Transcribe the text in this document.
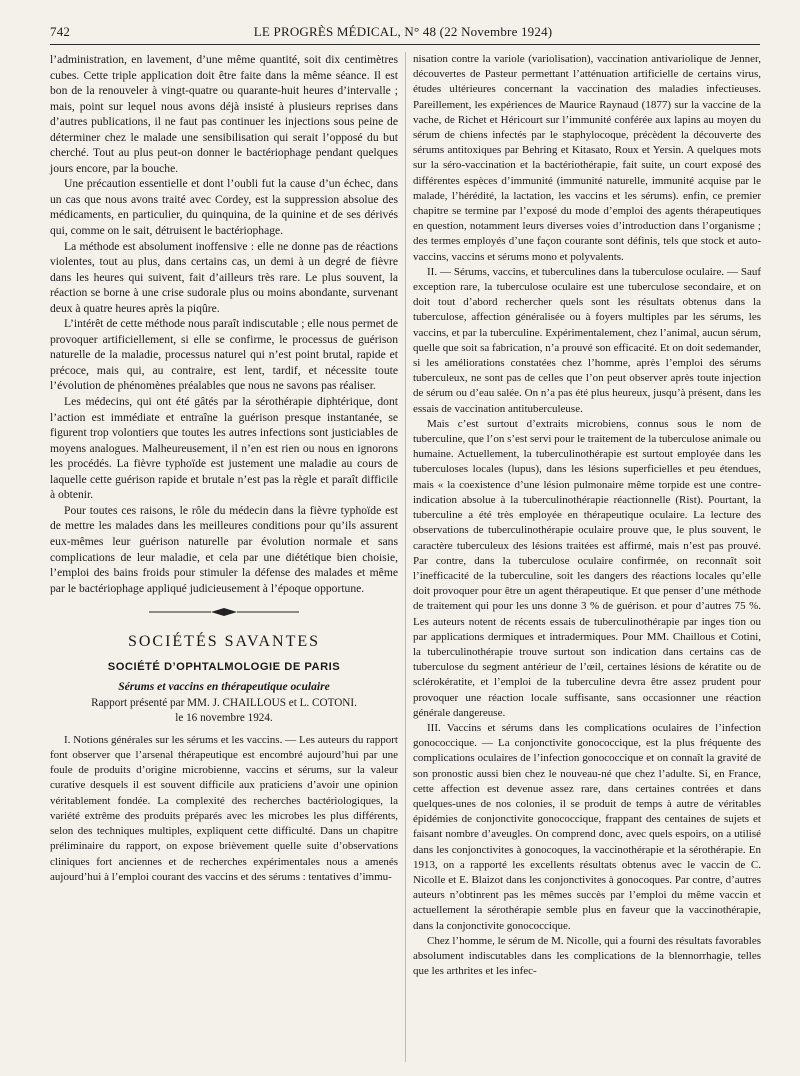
742	LE PROGRÈS MÉDICAL, N° 48 (22 Novembre 1924)

l’administration, en lavement, d’une même quantité, soit dix centimètres cubes. Cette triple application doit être faite dans la même séance. Il est bon de la renouveler à vingt-quatre ou quarante-huit heures d’intervalle ; mais, point sur lequel nous avons déjà insisté à plusieurs reprises dans d’autres publications, il ne faut pas continuer les injections sous peine de déterminer chez le malade une sensibilisation qui serait l’opposé du but cherché. Tout au plus peut-on donner le bactériophage pendant quelques jours encore, par la bouche.

Une précaution essentielle et dont l’oubli fut la cause d’un échec, dans un cas que nous avons traité avec Cordey, est la suppression absolue des médicaments, en particulier, du quinquina, de la quinine et de ses dérivés qui, comme on le sait, détruisent le bactériophage.

La méthode est absolument inoffensive : elle ne donne pas de réactions violentes, tout au plus, dans certains cas, un demi à un degré de fièvre dans les heures qui suivent, fait d’ailleurs très rare. Le plus souvent, la réaction se borne à une crise sudorale plus ou moins abondante, survenant deux à quatre heures après la piqûre.

L’intérêt de cette méthode nous paraît indiscutable ; elle nous permet de provoquer artificiellement, si elle se confirme, le processus de guérison naturelle de la maladie, processus naturel qui n’est point brutal, rapide et précoce, mais qui, au contraire, est lent, tardif, et nécessite toute l’évolution de phénomènes préalables que nous ne savons pas réaliser.

Les médecins, qui ont été gâtés par la sérothérapie diphtérique, dont l’action est immédiate et entraîne la guérison presque instantanée, se figurent trop volontiers que toutes les autres infections sont justiciables de moyens analogues. Malheureusement, il n’en est rien ou nous en ignorons les procédés. La fièvre typhoïde est justement une maladie au cours de laquelle cette guérison rapide et brutale n’est pas la règle et paraît difficile à obtenir.

Pour toutes ces raisons, le rôle du médecin dans la fièvre typhoïde est de mettre les malades dans les meilleures conditions pour qu’ils assurent eux-mêmes leur guérison naturelle par évolution normale et sans complications de leur maladie, et cela par une diététique bien choisie, l’emploi des bains froids pour stimuler la défense des malades et même par le bactériophage appliqué judicieusement à l’époque opportune.

SOCIÉTÉS SAVANTES
SOCIÉTÉ D’OPHTALMOLOGIE DE PARIS
Sérums et vaccins en thérapeutique oculaire
Rapport présenté par MM. J. CHAILLOUS et L. COTONI.
le 16 novembre 1924.

I. Notions générales sur les sérums et les vaccins. — Les auteurs du rapport font observer que l’arsenal thérapeutique est encombré aujourd’hui par une foule de produits d’origine microbienne, vaccins et sérums, sur la valeur curative desquels il est souvent difficile aux praticiens d’avoir une opinion véritablement fondée. La complexité des recherches bactériologiques, la variété extrême des produits préparés avec les microbes les plus différents, selon des techniques multiples, expliquent cette difficulté. Dans un chapitre préliminaire du rapport, on expose brièvement quelle suite d’observations cliniques fort anciennes et de recherches expérimentales nous a amenés aujourd’hui à l’emploi courant des vaccins et des sérums : tentatives d’immu-

nisation contre la variole (variolisation), vaccination antivariolique de Jenner, découvertes de Pasteur permettant l’atténuation artificielle de certains virus, études ultérieures concernant la vaccination des maladies infectieuses. Pareillement, les expériences de Maurice Raynaud (1877) sur la vaccine de la vache, de Richet et Héricourt sur l’immunité conférée aux lapins au moyen du sérum de chiens infectés par le staphylocoque, précèdent la découverte des sérums antitoxiques par Behring et Kitasato, Roux et Yersin. A quelques mots sur la séro-vaccination et la bactériothérapie, fait suite, un court exposé des différentes espèces d’immunité (immunité naturelle, immunité acquise par le malade, l’hérédité, la lactation, les vaccins et les sérums). enfin, ce premier chapitre se termine par l’exposé du mode d’emploi des agents thérapeutiques en question, notamment leurs diverses voies d’introduction dans l’organisme ; des termes employés d’une façon courante sont définis, tels que stock et auto-vaccins, vaccins et sérums mono et polyvalents.

II. — Sérums, vaccins, et tuberculines dans la tuberculose oculaire. — Sauf exception rare, la tuberculose oculaire est une tuberculose secondaire, et on doit tout d’abord rechercher quels sont les résultats obtenus dans la tuberculose, affection généralisée ou à foyers multiples par les sérums, les vaccins, et par la tuberculine. Expérimentalement, chez l’animal, aucun sérum, quelle que soit sa fabrication, n’a prouvé son efficacité. Et on doit sedemander, si les améliorations constatées chez l’homme, après l’emploi des sérums tuberculeux, ne sont pas de celles que l’on peut observer après toute injection de sérum ou d’eau salée. On n’a pas été plus heureux, jusqu’à présent, dans les essais de vaccination antituberculeuse.

Mais c’est surtout d’extraits microbiens, connus sous le nom de tuberculine, que l’on s’est servi pour le traitement de la tuberculose animale ou humaine. Actuellement, la tuberculinothérapie est surtout employée dans les tuberculoses locales (lupus), dans les lésions superficielles et peu étendues, mais « la coexistence d’une lésion pulmonaire même torpide est une contre-indication absolue à la tuberculinothérapie réactionnelle (Rist). Pourtant, la tuberculine a été très employée en thérapeutique oculaire. La lecture des observations de tuberculinothérapie oculaire prouve que, le plus souvent, le caractère tuberculeux des lésions traitées est affirmé, mais n’est pas prouvé. Par contre, dans la tuberculose oculaire confirmée, on reconnaît soit l’inefficacité de la tuberculine, soit les dangers des réactions locales qu’elle doit provoquer pour être un agent thérapeutique. Et que penser d’une méthode de traitement qui pour les uns donne 3 % de guérison. et pour d’autres 75 %. Les auteurs notent de récents essais de tuberculinothérapie par inges tion ou par applications dermiques et intradermiques. Pour MM. Chaillous et Cotini, la tuberculinothérapie trouve surtout son indication dans certains cas de tuberculose du segment antérieur de l’œil, certaines lésions de kératite ou de sclérokératite, et l’emploi de la tuberculine devra être assez prudent pour provoquer une réaction locale suffisante, sans occasionner une réaction générale dangereuse.

III. Vaccins et sérums dans les complications oculaires de l’infection gonococcique. — La conjonctivite gonococcique, est la plus fréquente des complications oculaires de l’infection gonococcique et on connaît la gravité de son pronostic aussi bien chez le nouveau-né que chez l’adulte. Si, en France, cette affection est devenue assez rare, dans certaines contrées et dans quelques-unes de nos colonies, il se produit de temps à autre de véritables épidémies de conjonctivite gonococcique, frappant des centaines de sujets et faisant nombre d’aveugles. On comprend donc, avec quels espoirs, on a utilisé dans les conjonctivites à gonocoques, la vaccinothérapie et la sérothérapie. En 1913, on a rapporté les excellents résultats obtenus avec le vaccin de C. Nicolle et E. Blaizot dans les conjonctivites à gonocoques. Par contre, d’autres auteurs n’obtinrent pas les mêmes succès par l’emploi du même vaccin et actuellement la sérothérapie semble plus en faveur que la vaccinothérapie, dans la conjonctivite gonococcique.

Chez l’homme, le sérum de M. Nicolle, qui a fourni des résultats favorables absolument indiscutables dans les complications de la blennorrhagie, telles que les arthrites et les infec-
